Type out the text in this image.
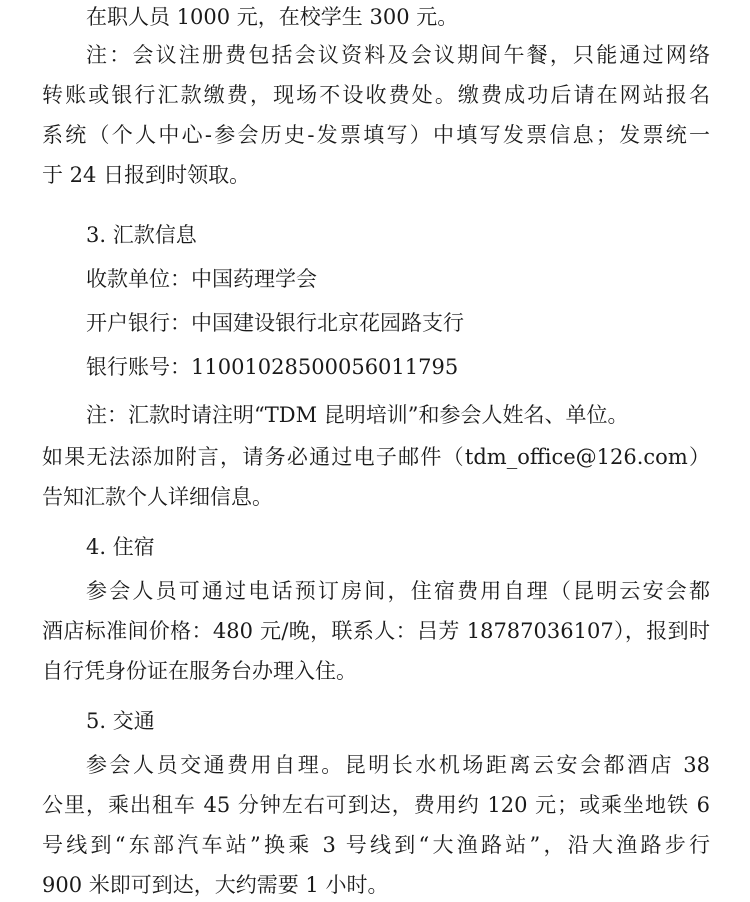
在职人员 1000 元，在校学生 300 元。
注：会议注册费包括会议资料及会议期间午餐，只能通过网络
转账或银行汇款缴费，现场不设收费处。缴费成功后请在网站报名
系统（个人中心-参会历史-发票填写）中填写发票信息；发票统一
于 24 日报到时领取。
3. 汇款信息
收款单位：中国药理学会
开户银行：中国建设银行北京花园路支行
银行账号：11001028500056011795
注：汇款时请注明“TDM 昆明培训”和参会人姓名、单位。
如果无法添加附言，请务必通过电子邮件（tdm_office@126.com）
告知汇款个人详细信息。
4. 住宿
参会人员可通过电话预订房间，住宿费用自理（昆明云安会都
酒店标准间价格：480 元/晚，联系人：吕芳 18787036107），报到时
自行凭身份证在服务台办理入住。
5. 交通
参会人员交通费用自理。昆明长水机场距离云安会都酒店 38
公里，乘出租车 45 分钟左右可到达，费用约 120 元；或乘坐地铁 6
号线到“东部汽车站”换乘 3 号线到“大渔路站”，沿大渔路步行
900 米即可到达，大约需要 1 小时。
